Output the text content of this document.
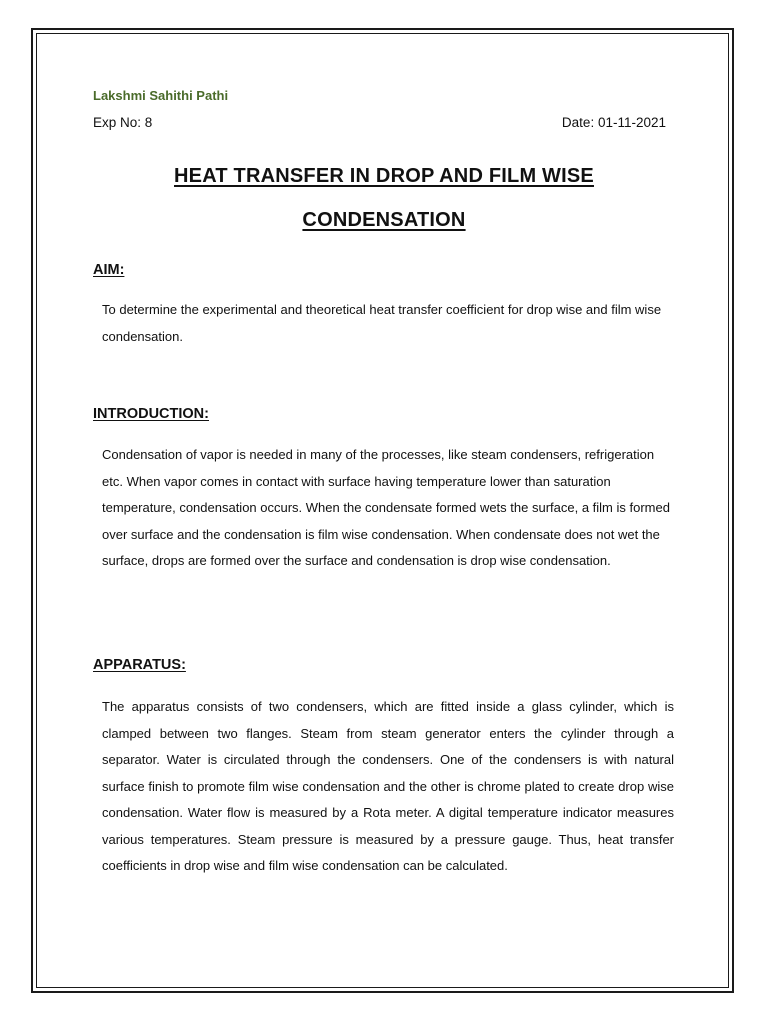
Lakshmi Sahithi Pathi
Exp No: 8	Date: 01-11-2021
HEAT TRANSFER IN DROP AND FILM WISE
CONDENSATION
AIM:
To determine the experimental and theoretical heat transfer coefficient for drop wise and film wise condensation.
INTRODUCTION:
Condensation of vapor is needed in many of the processes, like steam condensers, refrigeration etc. When vapor comes in contact with surface having temperature lower than saturation temperature, condensation occurs. When the condensate formed wets the surface, a film is formed over surface and the condensation is film wise condensation. When condensate does not wet the surface, drops are formed over the surface and condensation is drop wise condensation.
APPARATUS:
The apparatus consists of two condensers, which are fitted inside a glass cylinder, which is clamped between two flanges. Steam from steam generator enters the cylinder through a separator. Water is circulated through the condensers. One of the condensers is with natural surface finish to promote film wise condensation and the other is chrome plated to create drop wise condensation. Water flow is measured by a Rota meter. A digital temperature indicator measures various temperatures. Steam pressure is measured by a pressure gauge. Thus, heat transfer coefficients in drop wise and film wise condensation can be calculated.
